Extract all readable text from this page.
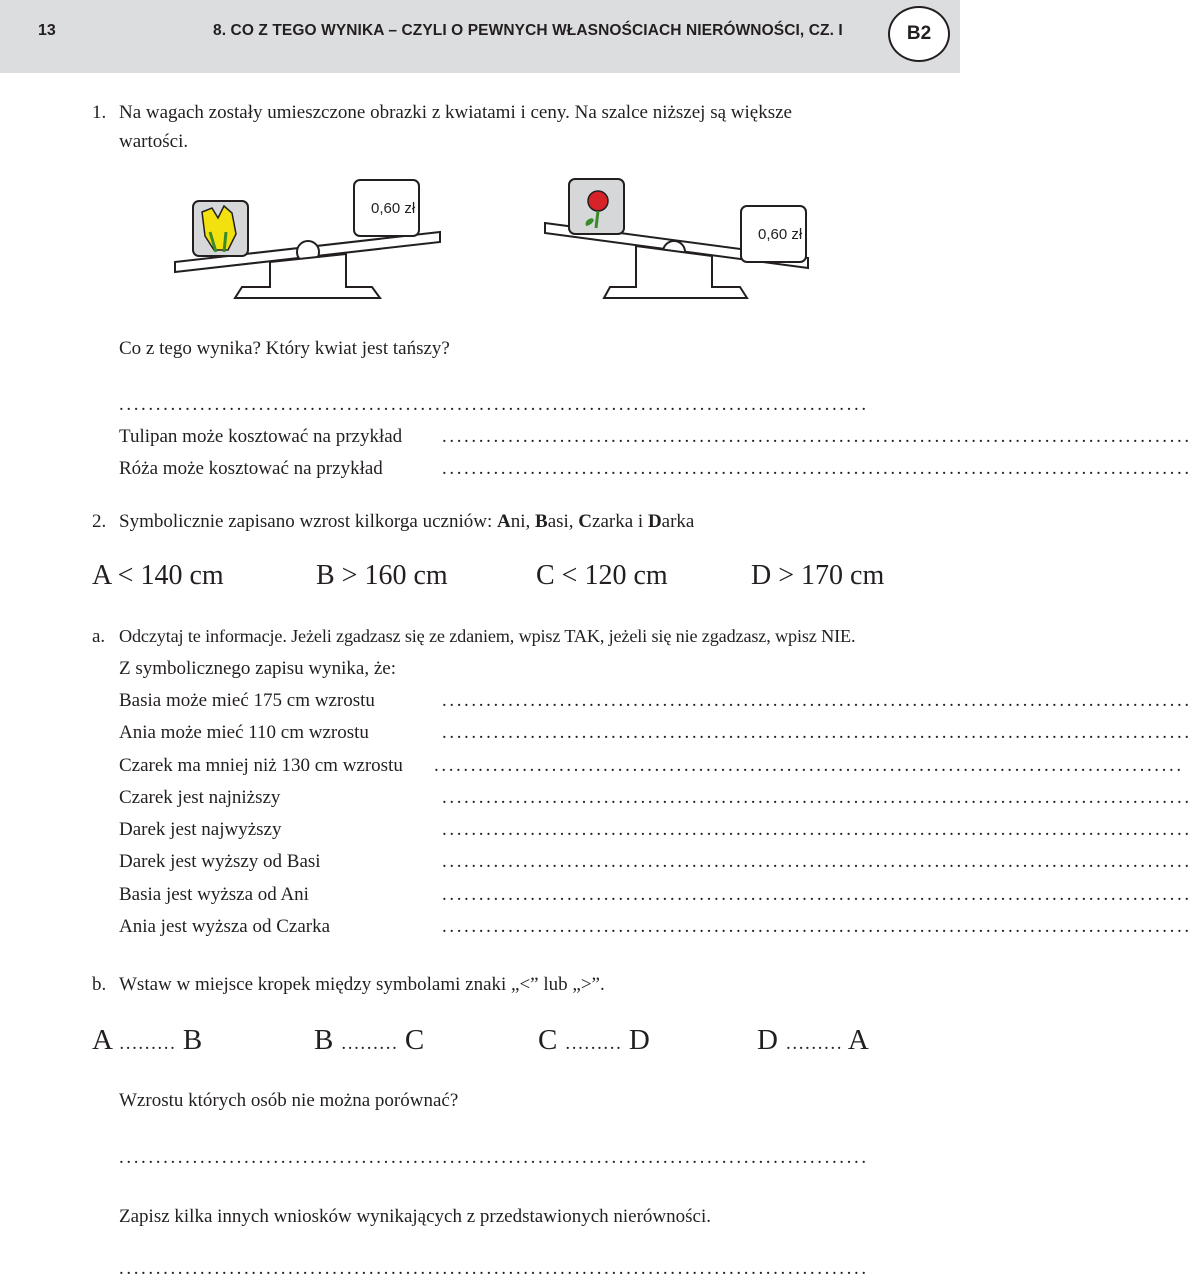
13	8. CO Z TEGO WYNIKA – CZYLI O PEWNYCH WŁASNOŚCIACH NIERÓWNOŚCI, CZ. I	B2
1. Na wagach zostały umieszczone obrazki z kwiatami i ceny. Na szalce niższej są większe
wartości.
0,60 zł
0,60 zł
Co z tego wynika? Który kwiat jest tańszy?
......................................................................................................
Tulipan może kosztować na przykład ......................................................................................................
Róża może kosztować na przykład	......................................................................................................
2. Symbolicznie zapisano wzrost kilkorga uczniów: Ani, Basi, Czarka i Darka
A < 140 cm	B > 160 cm	C < 120 cm	D > 170 cm
a. Odczytaj te informacje. Jeżeli zgadzasz się ze zdaniem, wpisz TAK, jeżeli się nie zgadzasz, wpisz NIE.
Z symbolicznego zapisu wynika, że:
Basia może mieć 175 cm wzrostu	......................................................................................................
Ania może mieć 110 cm wzrostu	......................................................................................................
Czarek ma mniej niż 130 cm wzrostu ......................................................................................................
Czarek jest najniższy	......................................................................................................
Darek jest najwyższy	......................................................................................................
Darek jest wyższy od Basi	......................................................................................................
Basia jest wyższa od Ani	......................................................................................................
Ania jest wyższa od Czarka	......................................................................................................
b. Wstaw w miejsce kropek między symbolami znaki „<” lub „>”.
A ……… B	B ……… C	C ……… D	D ……… A
Wzrostu których osób nie można porównać?
......................................................................................................
Zapisz kilka innych wniosków wynikających z przedstawionych nierówności.
......................................................................................................
